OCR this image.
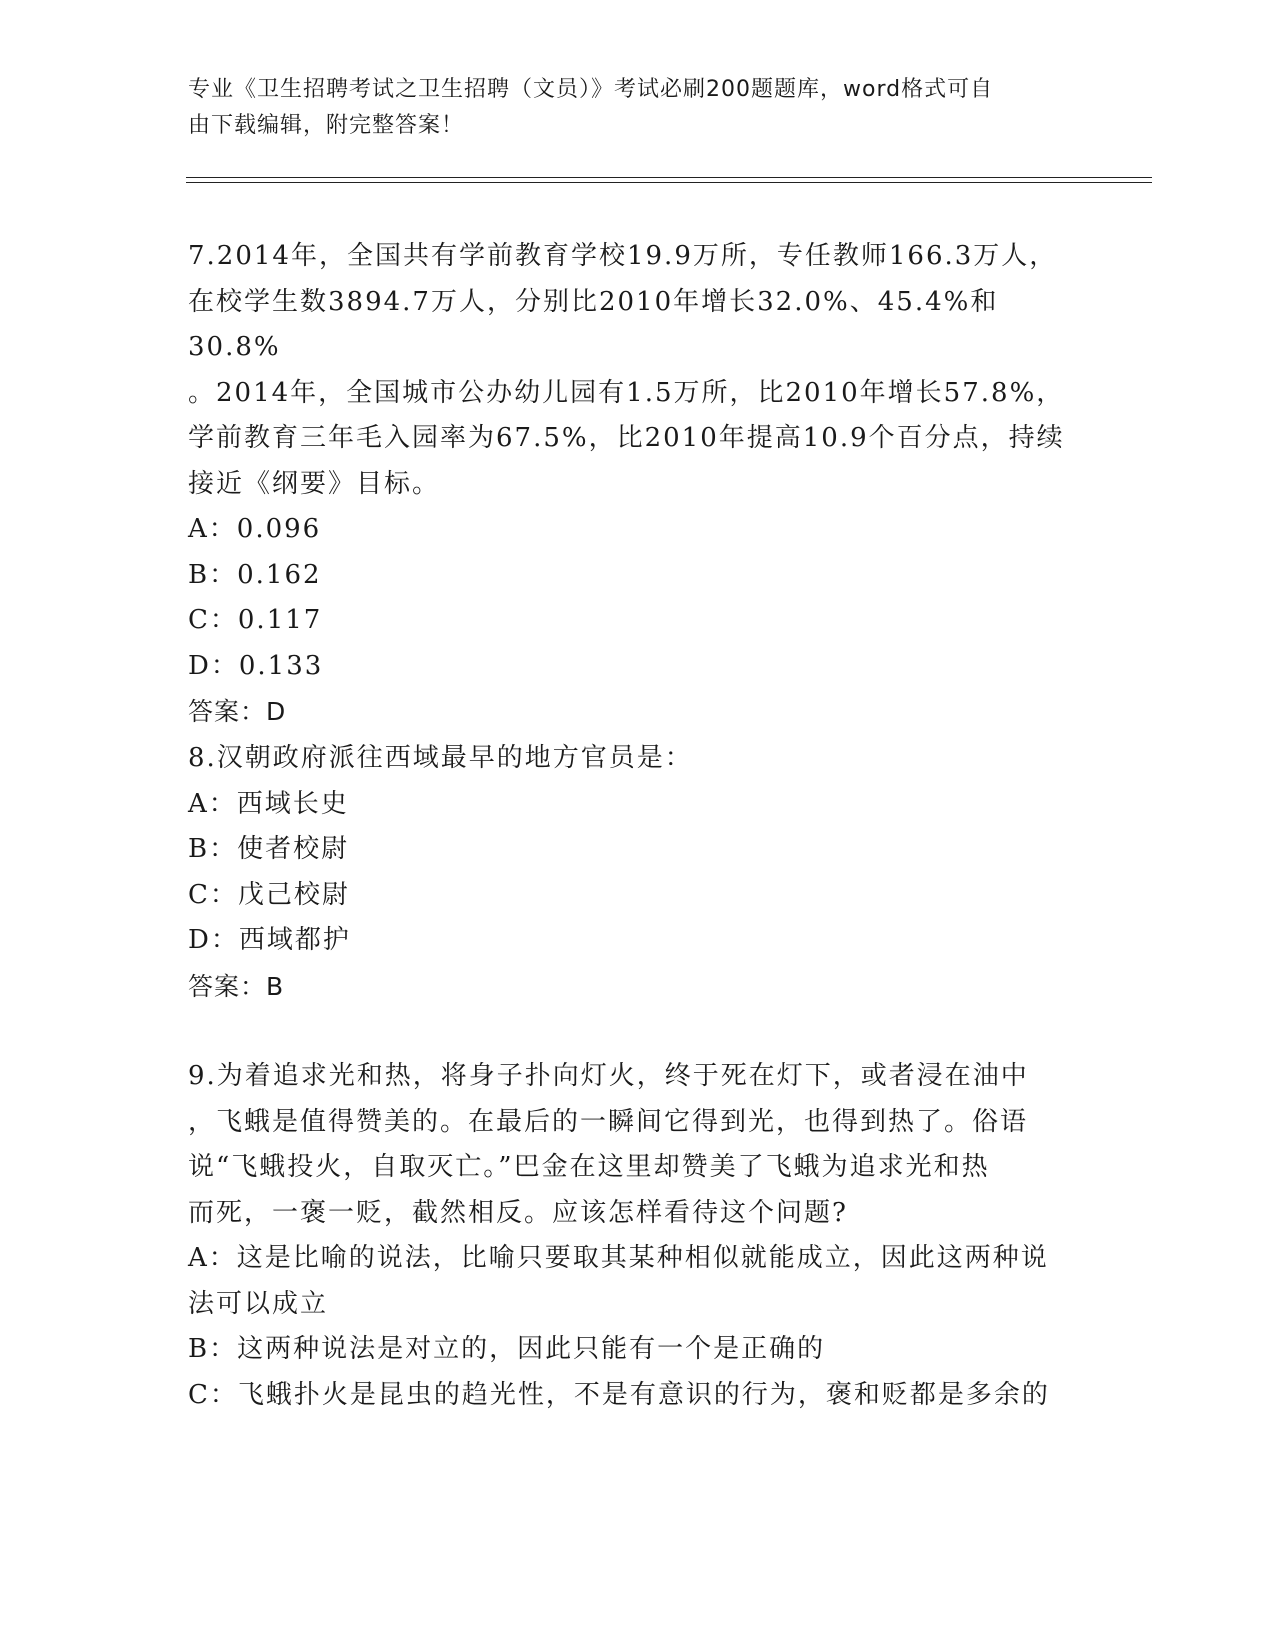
专业《卫生招聘考试之卫生招聘（文员）》考试必刷200题题库，word格式可自
由下载编辑，附完整答案！
7.2014年，全国共有学前教育学校19.9万所，专任教师166.3万人，
在校学生数3894.7万人，分别比2010年增长32.0%、45.4%和30.8%
。2014年，全国城市公办幼儿园有1.5万所，比2010年增长57.8%，
学前教育三年毛入园率为67.5%，比2010年提高10.9个百分点，持续
接近《纲要》目标。
A：0.096
B：0.162
C：0.117
D：0.133
答案：D
8.汉朝政府派往西域最早的地方官员是：
A：西域长史
B：使者校尉
C：戊己校尉
D：西域都护
答案：B
9.为着追求光和热，将身子扑向灯火，终于死在灯下，或者浸在油中
，飞蛾是值得赞美的。在最后的一瞬间它得到光，也得到热了。俗语
说“飞蛾投火，自取灭亡。”巴金在这里却赞美了飞蛾为追求光和热
而死，一褒一贬，截然相反。应该怎样看待这个问题?
A：这是比喻的说法，比喻只要取其某种相似就能成立，因此这两种说
法可以成立
B：这两种说法是对立的，因此只能有一个是正确的
C：飞蛾扑火是昆虫的趋光性，不是有意识的行为，褒和贬都是多余的
